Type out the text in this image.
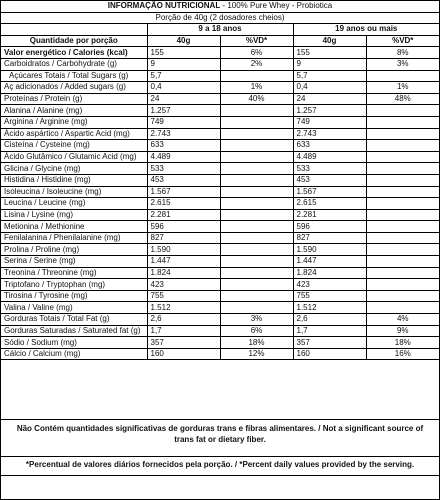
INFORMAÇÃO NUTRICIONAL - 100% Pure Whey - Probiotica				
Porção de 40g (2 dosadores cheios)				
	9 a 18 anos		19 anos ou mais	
Quantidade por porção	40g	%VD*	40g	%VD*
Valor energético / Calories (kcal)	155	6%	155	8%
Carboidratos / Carbohydrate (g)	9	2%	9	3%
Açúcares Totais / Total Sugars (g)	5,7		5,7	
Aç adicionados / Added sugars (g)	0,4	1%	0,4	1%
Proteínas / Protein (g)	24	40%	24	48%
Alanina / Alanine (mg)	1.257		1.257	
Arginina / Arginine (mg)	749		749	
Ácido aspártico / Aspartic Acid (mg)	2.743		2.743	
Cisteína / Cysteine (mg)	633		633	
Ácido Glutâmico / Glutamic Acid (mg)	4.489		4.489	
Glicina / Glycine (mg)	533		533	
Histidina / Histidine (mg)	453		453	
Isoleucina / Isoleucine (mg)	1.567		1.567	
Leucina / Leucine (mg)	2.615		2.615	
Lisina / Lysine (mg)	2.281		2.281	
Metionina / Methionine	596		596	
Fenilalanina / Phenilalanine (mg)	827		827	
Prolina / Proline (mg)	1.590		1.590	
Serina / Serine (mg)	1.447		1.447	
Treonina / Threonine (mg)	1.824		1.824	
Triptofano / Tryptophan (mg)	423		423	
Tirosina / Tyrosine (mg)	755		755	
Valina / Valine (mg)	1.512		1.512	
Gorduras Totais / Total Fat (g)	2,6	3%	2,6	4%
Gorduras Saturadas / Saturated fat (g)	1,7	6%	1,7	9%
Sódio / Sodium (mg)	357	18%	357	18%
Cálcio / Calcium (mg)	160	12%	160	16%
Não Contém quantidades significativas de gorduras trans e fibras alimentares. / Not a significant source of
trans fat or dietary fiber.
*Percentual de valores diários fornecidos pela porção. / *Percent daily values provided by the serving.
